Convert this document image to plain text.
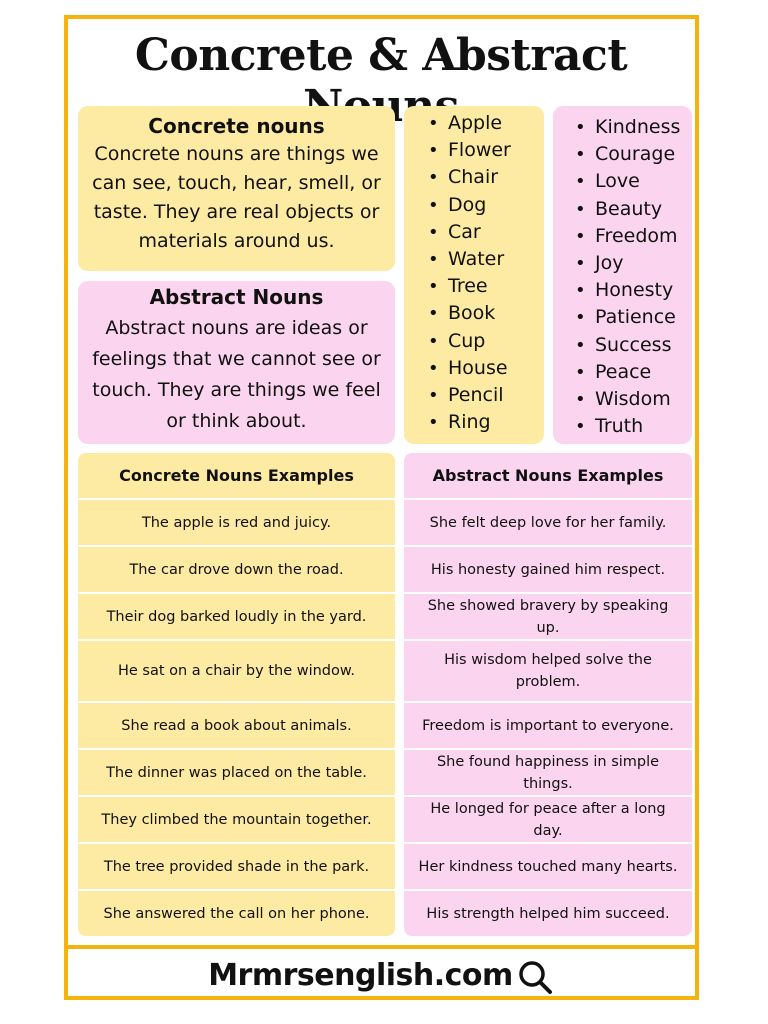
Concrete & Abstract
Concrete nouns

Concrete nouns are things we can see, touch, hear, smell, or taste. They are real objects or materials around us.

Abstract Nouns

Abstract nouns are ideas or feelings that we cannot see or touch. They are things we feel or think about.

• Apple
• Flower
• Chair
• Dog
• Car
• Water
• Tree
• Book
• Cup
• House
• Pencil
• Ring
• Kindness
• Courage
• Love
• Beauty
• Freedom
• Joy
• Honesty
• Patience
• Success
• Peace
• Wisdom
• Truth
Concrete Nouns Examples
The apple is red and juicy.
The car drove down the road.
Their dog barked loudly in the yard.
He sat on a chair by the window.
She read a book about animals.
The dinner was placed on the table.
They climbed the mountain together.
The tree provided shade in the park.
She answered the call on her phone.
Abstract Nouns Examples
She felt deep love for her family.
His honesty gained him respect.
She showed bravery by speaking up.
His wisdom helped solve the problem.
Freedom is important to everyone.
She found happiness in simple things.
He longed for peace after a long day.
Her kindness touched many hearts.
His strength helped him succeed.
Mrmrsenglish.com
